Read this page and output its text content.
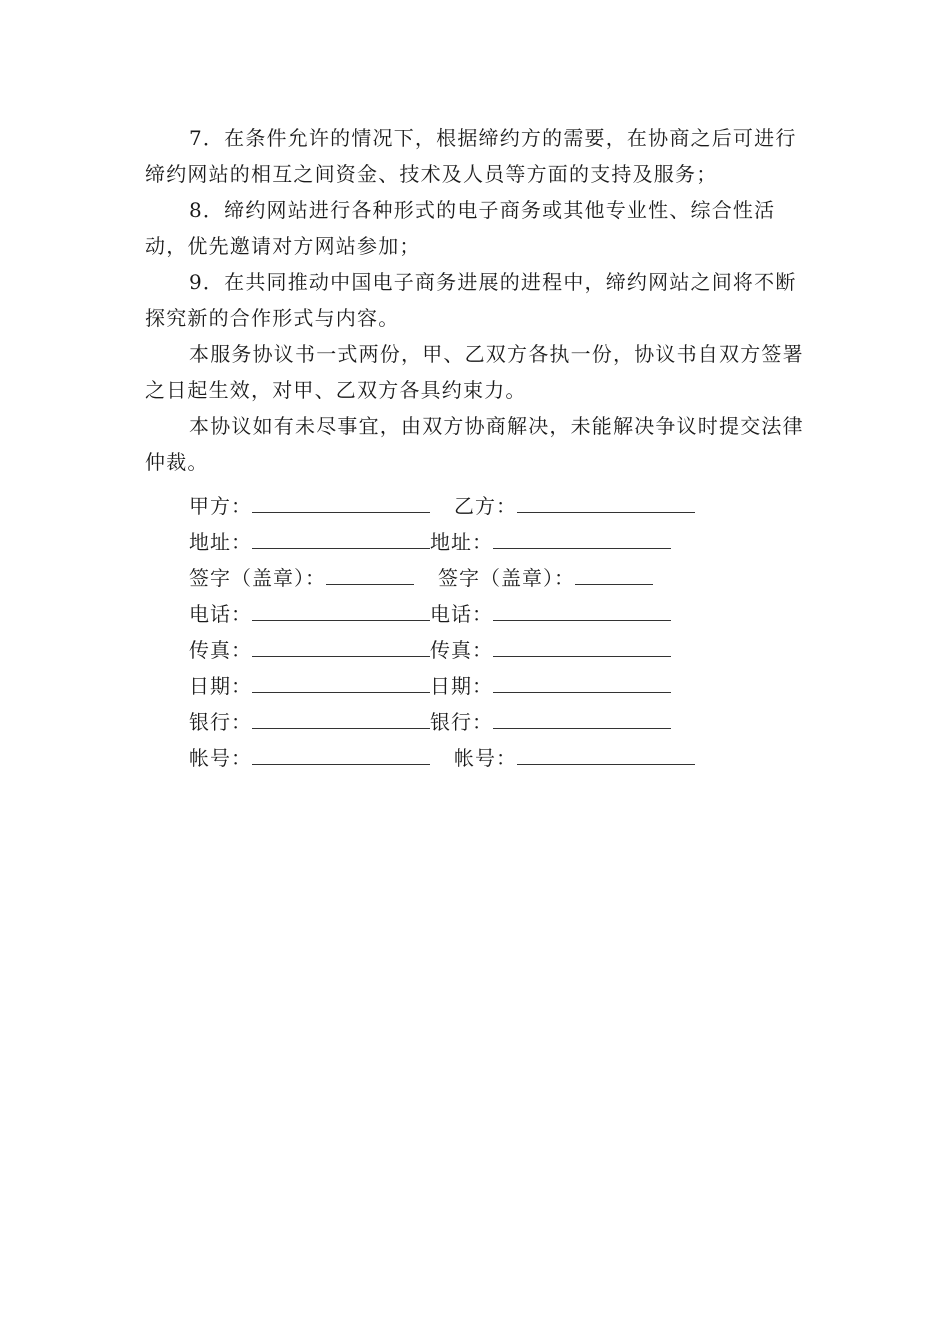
7．在条件允许的情况下，根据缔约方的需要，在协商之后可进行缔约网站的相互之间资金、技术及人员等方面的支持及服务；

8．缔约网站进行各种形式的电子商务或其他专业性、综合性活动，优先邀请对方网站参加；

9．在共同推动中国电子商务进展的进程中，缔约网站之间将不断探究新的合作形式与内容。

本服务协议书一式两份，甲、乙双方各执一份，协议书自双方签署之日起生效，对甲、乙双方各具约束力。

本协议如有未尽事宜，由双方协商解决，未能解决争议时提交法律仲裁。

甲方：	乙方：
地址：	地址：
签字（盖章）：	签字（盖章）：
电话：	电话：
传真：	传真：
日期：	日期：
银行：	银行：
帐号：	帐号：
